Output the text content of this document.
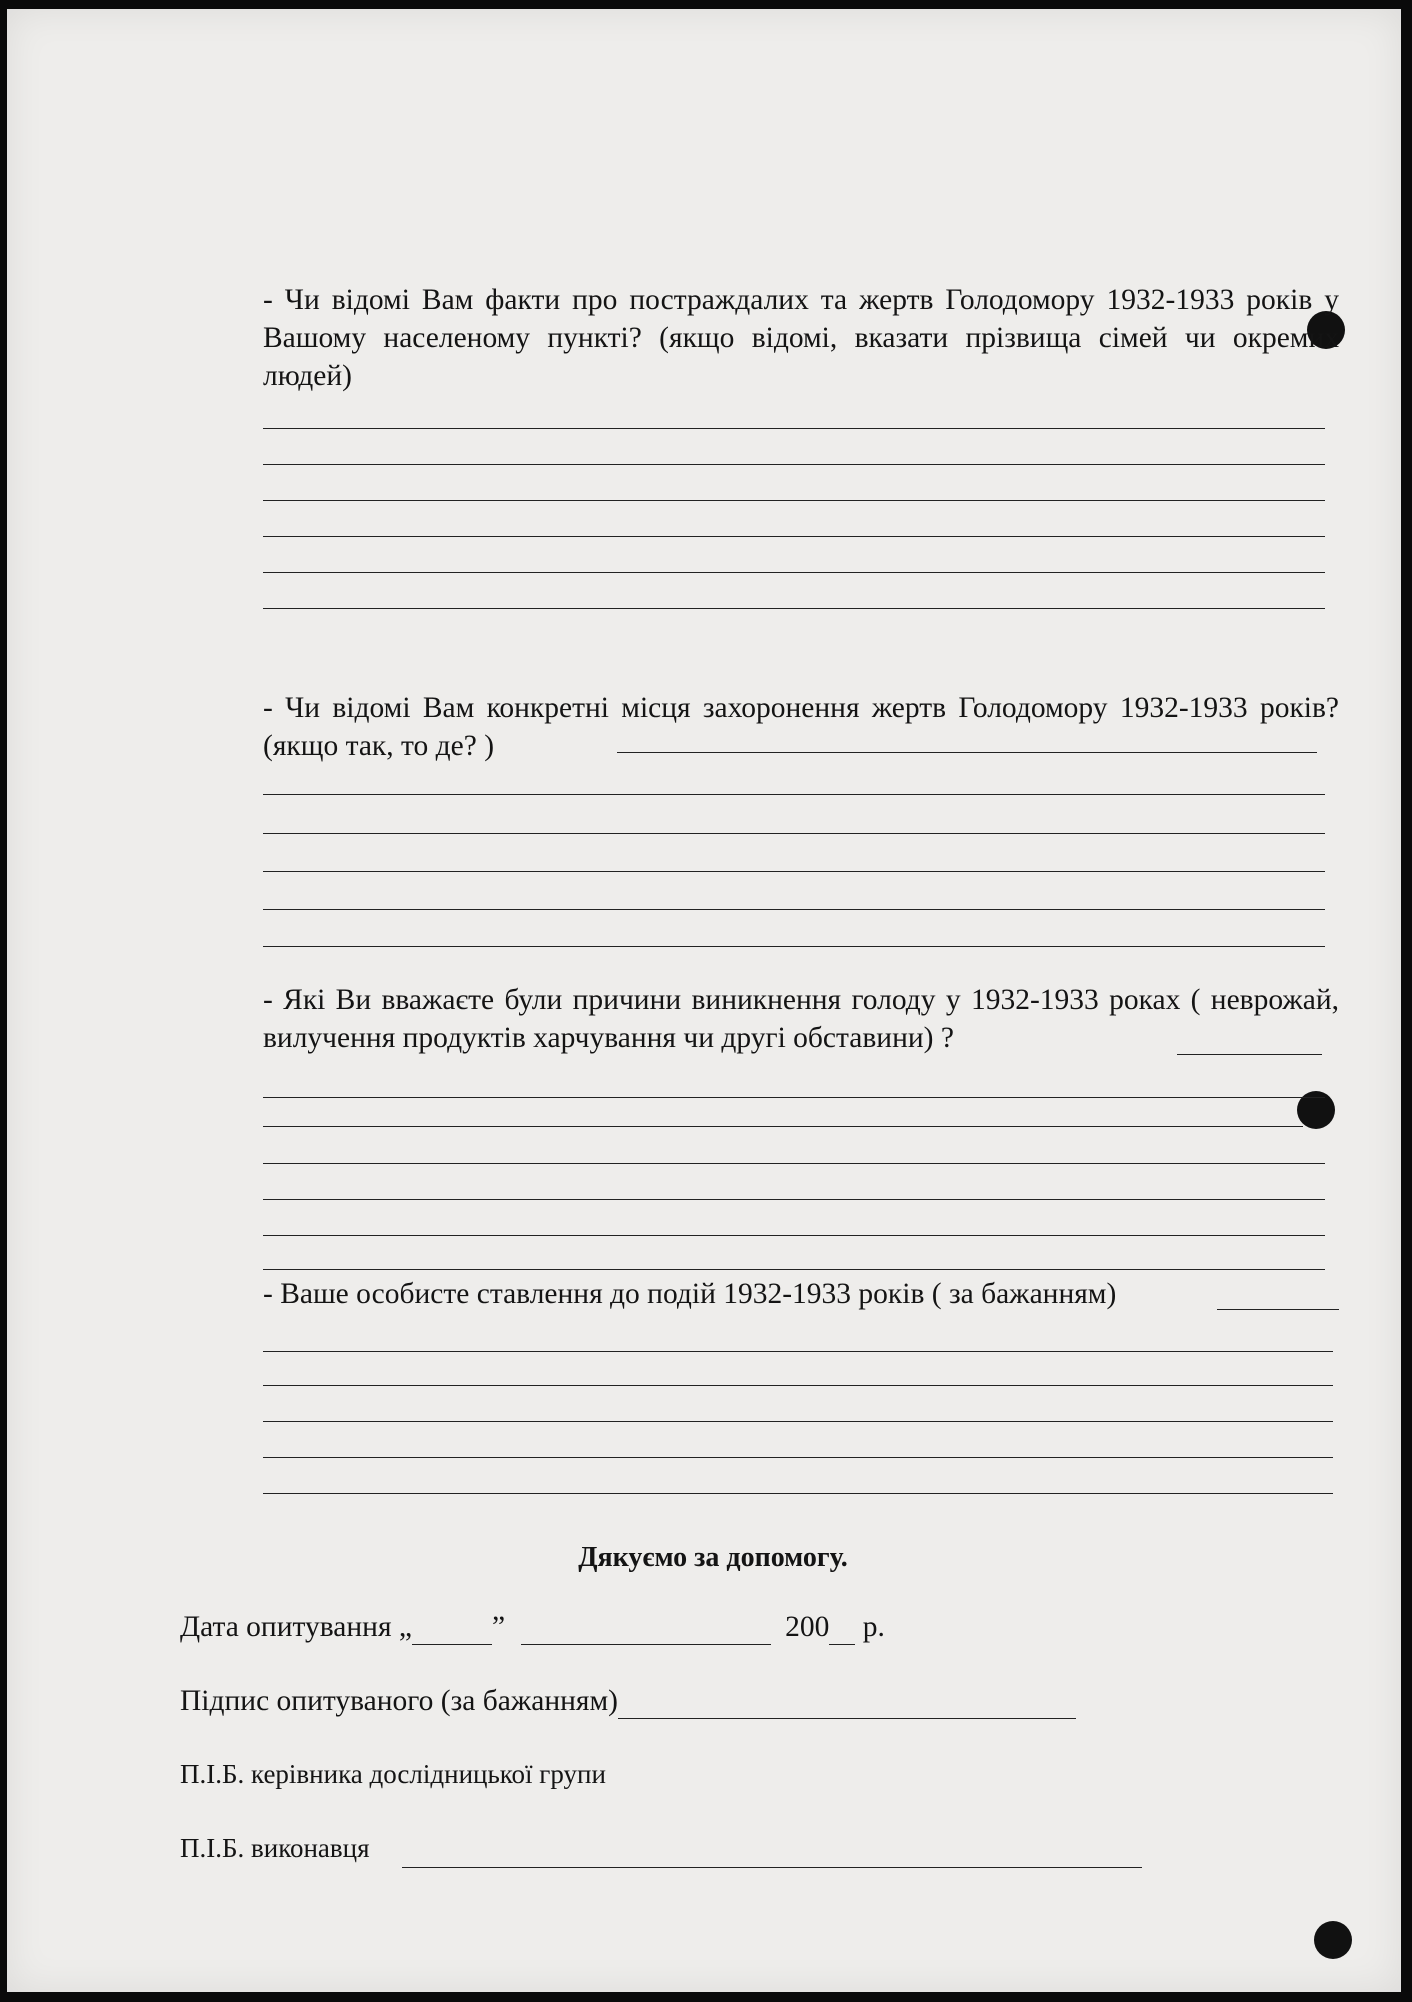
- Чи відомі Вам факти про постраждалих та жертв Голодомору 1932-1933 років у Вашому населеному пункті? (якщо відомі, вказати прізвища сімей чи окремих людей)
- Чи відомі Вам конкретні місця захоронення жертв Голодомору 1932-1933 років? (якщо так, то де? )
- Які Ви вважаєте були причини виникнення голоду у 1932-1933 роках ( неврожай, вилучення продуктів харчування чи другі обставини) ?
- Ваше особисте ставлення до подій 1932-1933 років ( за бажанням)
Дякуємо за допомогу.
Дата опитування „	”	200
р.
Підпис опитуваного (за бажанням)
П.І.Б. керівника дослідницької групи
П.І.Б. виконавця
